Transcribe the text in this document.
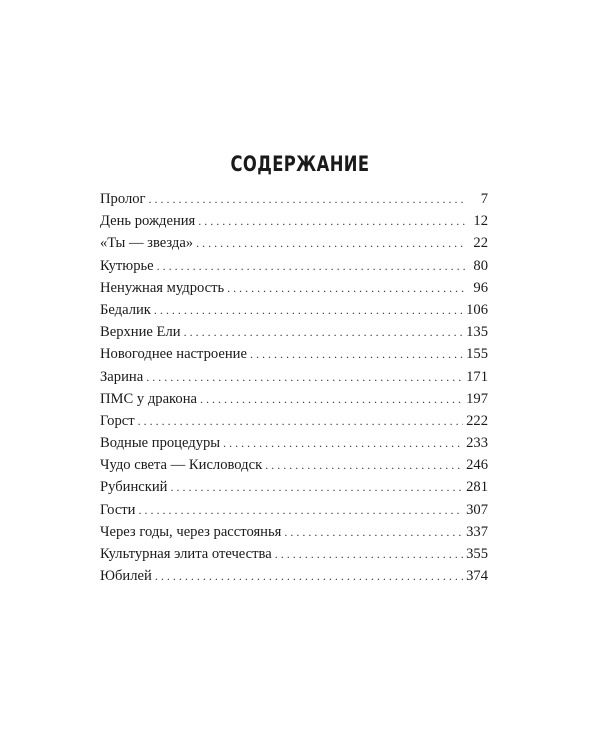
СОДЕРЖАНИЕ
Пролог . . .	7
День рождения . . .	12
«Ты — звезда» . . .	22
Кутюрье . . .	80
Ненужная мудрость . . .	96
Бедалик . . .	106
Верхние Ели . . .	135
Новогоднее настроение . . .	155
Зарина . . .	171
ПМС у дракона . . .	197
Горст . . .	222
Водные процедуры . . .	233
Чудо света — Кисловодск . . .	246
Рубинский . . .	281
Гости . . .	307
Через годы, через расстоянья . . .	337
Культурная элита отечества . . .	355
Юбилей . . .	374
